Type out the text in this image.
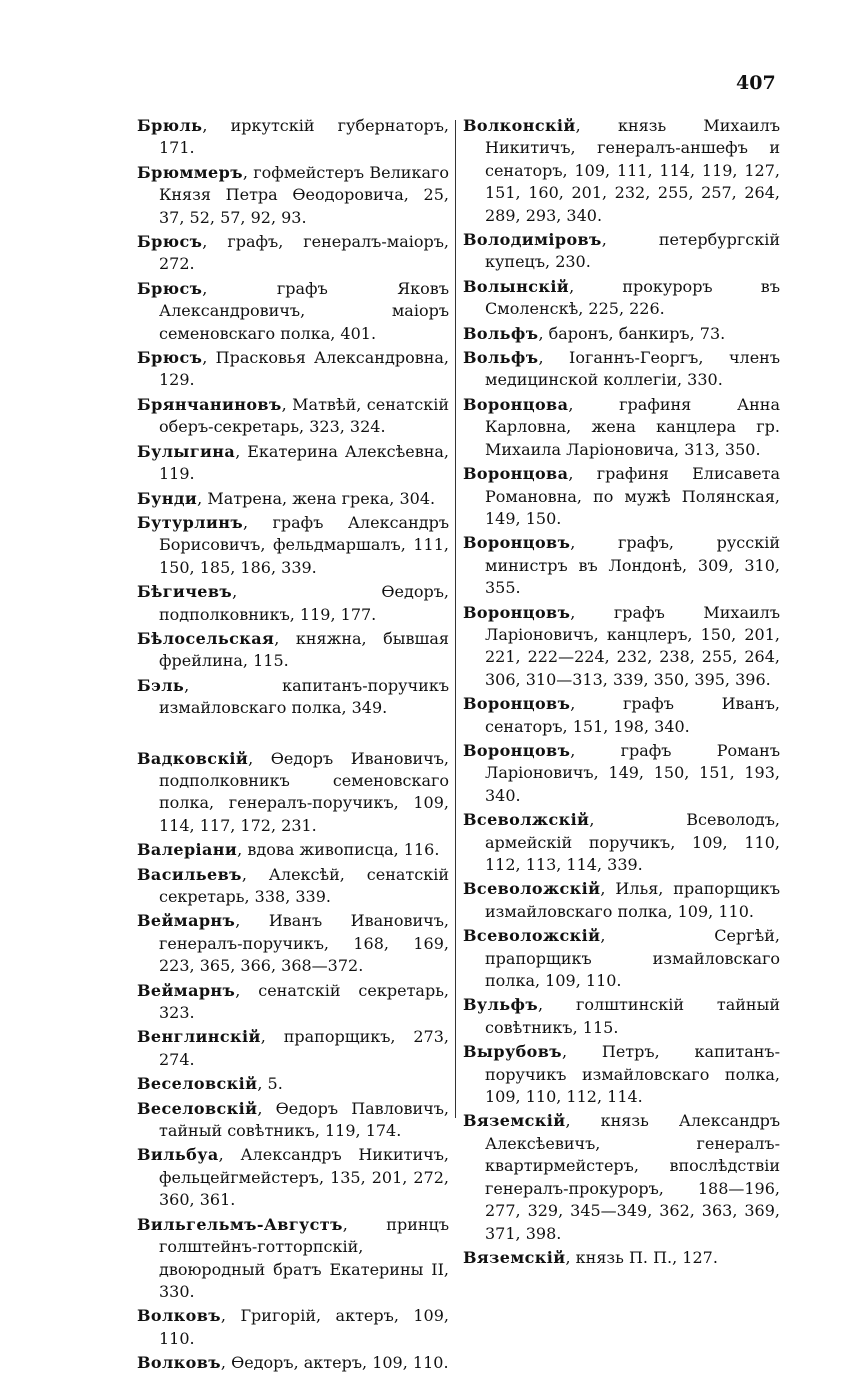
407
Брюль, иркутскій губернаторъ, 171.
Брюммеръ, гофмейстеръ Великаго Князя Петра Ѳеодоровича, 25, 37, 52, 57, 92, 93.
Брюсъ, графъ, генералъ-маіоръ, 272.
Брюсъ, графъ Яковъ Александровичъ, маіоръ семеновскаго полка, 401.
Брюсъ, Прасковья Александровна, 129.
Брянчаниновъ, Матвѣй, сенатскій оберъ-секретарь, 323, 324.
Булыгина, Екатерина Алексѣевна, 119.
Бунди, Матрена, жена грека, 304.
Бутурлинъ, графъ Александръ Борисовичъ, фельдмаршалъ, 111, 150, 185, 186, 339.
Бѣгичевъ, Ѳедоръ, подполковникъ, 119, 177.
Бѣлосельская, княжна, бывшая фрейлина, 115.
Бэль, капитанъ-поручикъ измайловскаго полка, 349.
Вадковскій, Ѳедоръ Ивановичъ, подполковникъ семеновскаго полка, генералъ-поручикъ, 109, 114, 117, 172, 231.
Валеріани, вдова живописца, 116.
Васильевъ, Алексѣй, сенатскій секретарь, 338, 339.
Веймарнъ, Иванъ Ивановичъ, генералъ-поручикъ, 168, 169, 223, 365, 366, 368—372.
Веймарнъ, сенатскій секретарь, 323.
Венглинскій, прапорщикъ, 273, 274.
Веселовскій, 5.
Веселовскій, Ѳедоръ Павловичъ, тайный совѣтникъ, 119, 174.
Вильбуа, Александръ Никитичъ, фельцейгмейстеръ, 135, 201, 272, 360, 361.
Вильгельмъ-Августъ, принцъ голштейнъ-готторпскій, двоюродный братъ Екатерины II, 330.
Волковъ, Григорій, актеръ, 109, 110.
Волковъ, Ѳедоръ, актеръ, 109, 110.
Волконскій, князь Михаилъ Никитичъ, генералъ-аншефъ и сенаторъ, 109, 111, 114, 119, 127, 151, 160, 201, 232, 255, 257, 264, 289, 293, 340.
Володиміровъ, петербургскій купецъ, 230.
Волынскій, прокуроръ въ Смоленскѣ, 225, 226.
Вольфъ, баронъ, банкиръ, 73.
Вольфъ, Іоганнъ-Георгъ, членъ медицинской коллегіи, 330.
Воронцова, графиня Анна Карловна, жена канцлера гр. Михаила Ларіоновича, 313, 350.
Воронцова, графиня Елисавета Романовна, по мужѣ Полянская, 149, 150.
Воронцовъ, графъ, русскій министръ въ Лондонѣ, 309, 310, 355.
Воронцовъ, графъ Михаилъ Ларіоновичъ, канцлеръ, 150, 201, 221, 222—224, 232, 238, 255, 264, 306, 310—313, 339, 350, 395, 396.
Воронцовъ, графъ Иванъ, сенаторъ, 151, 198, 340.
Воронцовъ, графъ Романъ Ларіоновичъ, 149, 150, 151, 193, 340.
Всеволжскій, Всеволодъ, армейскій поручикъ, 109, 110, 112, 113, 114, 339.
Всеволожскій, Илья, прапорщикъ измайловскаго полка, 109, 110.
Всеволожскій, Сергѣй, прапорщикъ измайловскаго полка, 109, 110.
Вульфъ, голштинскій тайный совѣтникъ, 115.
Вырубовъ, Петръ, капитанъ-поручикъ измайловскаго полка, 109, 110, 112, 114.
Вяземскій, князь Александръ Алексѣевичъ, генералъ-квартирмейстеръ, впослѣдствіи генералъ-прокуроръ, 188—196, 277, 329, 345—349, 362, 363, 369, 371, 398.
Вяземскій, князь П. П., 127.
